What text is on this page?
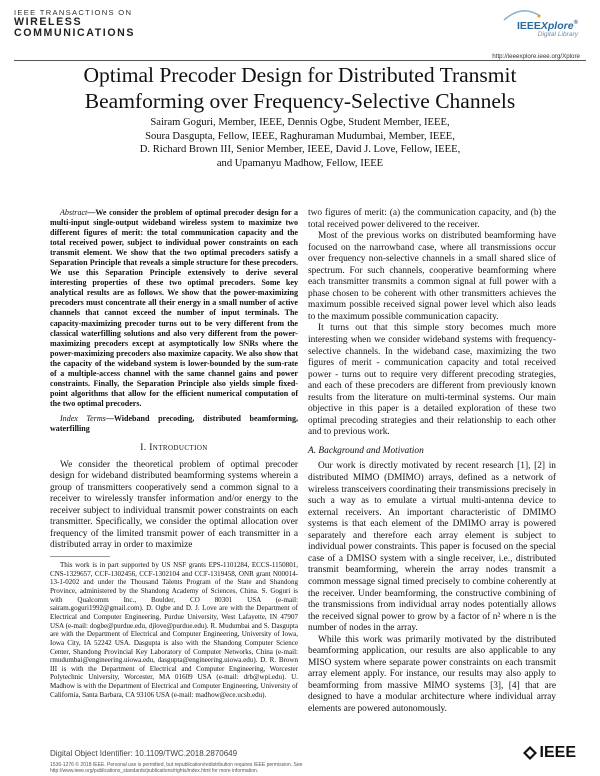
IEEE TRANSACTIONS ON
WIRELESS
COMMUNICATIONS
IEEEXplore®
Digital Library
http://ieeexplore.ieee.org/Xplore
Optimal Precoder Design for Distributed Transmit
Beamforming over Frequency-Selective Channels
Sairam Goguri, Member, IEEE, Dennis Ogbe, Student Member, IEEE,
Soura Dasgupta, Fellow, IEEE, Raghuraman Mudumbai, Member, IEEE,
D. Richard Brown III, Senior Member, IEEE, David J. Love, Fellow, IEEE,
and Upamanyu Madhow, Fellow, IEEE
Abstract—We consider the problem of optimal precoder design for a multi-input single-output wideband wireless system to maximize two different figures of merit: the total communication capacity and the total received power, subject to individual power constraints on each transmit element. We show that the two optimal precoders satisfy a Separation Principle that reveals a simple structure for these precoders. We use this Separation Principle extensively to derive several interesting properties of these two optimal precoders. Some key analytical results are as follows. We show that the power-maximizing precoders must concentrate all their energy in a small number of active channels that cannot exceed the number of input terminals. The capacity-maximizing precoder turns out to be very different from the classical waterfilling solutions and also very different from the power-maximizing precoders except at asymptotically low SNRs where the power-maximizing precoders also maximize capacity. We also show that the capacity of the wideband system is lower-bounded by the sum-rate of a multiple-access channel with the same channel gains and power constraints. Finally, the Separation Principle also yields simple fixed-point algorithms that allow for the efficient numerical computation of the two optimal precoders.
Index Terms—Wideband precoding, distributed beamforming, waterfilling
I. Introduction

We consider the theoretical problem of optimal precoder design for wideband distributed beamforming systems wherein a group of transmitters cooperatively send a common signal to a receiver to wirelessly transfer information and/or energy to the receiver subject to individual transmit power constraints on each transmitter. Specifically, we consider the optimal allocation over frequency of the limited transmit power of each transmitter in a distributed array in order to maximize

This work is in part supported by US NSF grants EPS-1101284, ECCS-1150801, CNS-1329657, CCF-1302456, CCF-1302104 and CCF-1319458, ONR grant N00014-13-1-0202 and under the Thousand Talents Program of the State and Shandong Province, administered by the Shandong Academy of Sciences, China. S. Goguri is with Qualcomm Inc., Boulder, CO 80301 USA (e-mail: sairam.goguri1992@gmail.com). D. Ogbe and D. J. Love are with the Department of Electrical and Computer Engineering, Purdue University, West Lafayette, IN 47907 USA (e-mail: dogbe@purdue.edu, djlove@purdue.edu). R. Mudumbai and S. Dasgupta are with the Department of Electrical and Computer Engineering, University of Iowa, Iowa City, IA 52242 USA. Dasgupta is also with the Shandong Computer Science Center, Shandong Provincial Key Laboratory of Computer Networks, China (e-mail: rmudumbai@engineering.uiowa.edu, dasgupta@engineering.uiowa.edu). D. R. Brown III is with the Department of Electrical and Computer Engineering, Worcester Polytechnic University, Worcester, MA 01609 USA (e-mail: drb@wpi.edu). U. Madhow is with the Department of Electrical and Computer Engineering, University of California, Santa Barbara, CA 93106 USA (e-mail: madhow@ece.ucsb.edu).

two figures of merit: (a) the communication capacity, and (b) the total received power delivered to the receiver.

Most of the previous works on distributed beamforming have focused on the narrowband case, where all transmissions occur over frequency non-selective channels in a small shared slice of spectrum. For such channels, cooperative beamforming where each transmitter transmits a common signal at full power with a phase chosen to be coherent with other transmitters achieves the maximum possible received signal power level which also leads to the maximum possible communication capacity.

It turns out that this simple story becomes much more interesting when we consider wideband systems with frequency-selective channels. In the wideband case, maximizing the two figures of merit - communication capacity and total received power - turns out to require very different precoding strategies, and each of these precoders are different from previously known results from the literature on multi-terminal systems. Our main objective in this paper is a detailed exploration of these two optimal precoding strategies and their relationship to each other and to previous work.

A. Background and Motivation

Our work is directly motivated by recent research [1], [2] in distributed MIMO (DMIMO) arrays, defined as a network of wireless transceivers coordinating their transmissions precisely in such a way as to emulate a virtual multi-antenna device to external receivers. An important characteristic of DMIMO systems is that each element of the DMIMO array is powered separately and therefore each array element is subject to individual power constraints. This paper is focused on the special case of a DMISO system with a single receiver, i.e., distributed transmit beamforming, wherein the array nodes transmit a common message signal timed precisely to combine coherently at the receiver. Under beamforming, the constructive combining of the transmissions from individual array nodes potentially allows the received signal power to grow by a factor of n² where n is the number of nodes in the array.

While this work was primarily motivated by the distributed beamforming application, our results are also applicable to any MISO system where separate power constraints on each transmit array element apply. For instance, our results may also apply to beamforming from massive MIMO systems [3], [4] that are designed to have a modular architecture where individual array elements are powered autonomously.

Digital Object Identifier: 10.1109/TWC.2018.2870649
1536-1276 © 2018 IEEE. Personal use is permitted, but republication/redistribution requires IEEE permission. See http://www.ieee.org/publications_standards/publications/rights/index.html for more information.
IEEE
